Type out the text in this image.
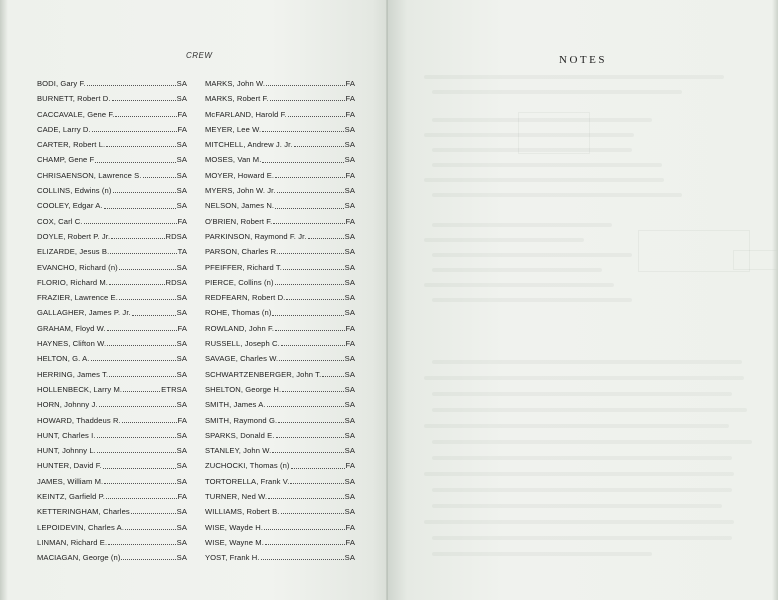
CREW
BODI, Gary F.	SA
BURNETT, Robert D.	SA
CACCAVALE, Gene F.	FA
CADE, Larry D.	FA
CARTER, Robert L.	SA
CHAMP, Gene F	SA
CHRISAENSON, Lawrence S.	SA
COLLINS, Edwins (n)	SA
COOLEY, Edgar A.	SA
COX, Carl C.	FA
DOYLE, Robert P. Jr.	RDSA
ELIZARDE, Jesus B.	TA
EVANCHO, Richard (n)	SA
FLORIO, Richard M.	RDSA
FRAZIER, Lawrence E.	SA
GALLAGHER, James P. Jr.	SA
GRAHAM, Floyd W.	FA
HAYNES, Clifton W.	SA
HELTON, G. A.	SA
HERRING, James T.	SA
HOLLENBECK, Larry M.	ETRSA
HORN, Johnny J.	SA
HOWARD, Thaddeus R.	FA
HUNT, Charles I.	SA
HUNT, Johnny L.	SA
HUNTER, David F.	SA
JAMES, William M.	SA
KEINTZ, Garfield P.	FA
KETTERINGHAM, Charles	SA
LEPOIDEVIN, Charles A.	SA
LINMAN, Richard E.	SA
MACIAGAN, George (n)	SA
MARKS, John W.	FA
MARKS, Robert F.	FA
McFARLAND, Harold F.	FA
MEYER, Lee W.	SA
MITCHELL, Andrew J. Jr.	SA
MOSES, Van M.	SA
MOYER, Howard E.	FA
MYERS, John W. Jr.	SA
NELSON, James N.	SA
O'BRIEN, Robert F.	FA
PARKINSON, Raymond F. Jr.	SA
PARSON, Charles R.	SA
PFEIFFER, Richard T.	SA
PIERCE, Collins (n)	SA
REDFEARN, Robert D.	SA
ROHE, Thomas (n)	SA
ROWLAND, John F.	FA
RUSSELL, Joseph C.	FA
SAVAGE, Charles W.	SA
SCHWARTZENBERGER, John T.	SA
SHELTON, George H.	SA
SMITH, James A.	SA
SMITH, Raymond G.	SA
SPARKS, Donald E.	SA
STANLEY, John W.	SA
ZUCHOCKI, Thomas (n)	FA
TORTORELLA, Frank V.	SA
TURNER, Ned W.	SA
WILLIAMS, Robert B.	SA
WISE, Wayde H.	FA
WISE, Wayne M.	FA
YOST, Frank H.	SA
NOTES
